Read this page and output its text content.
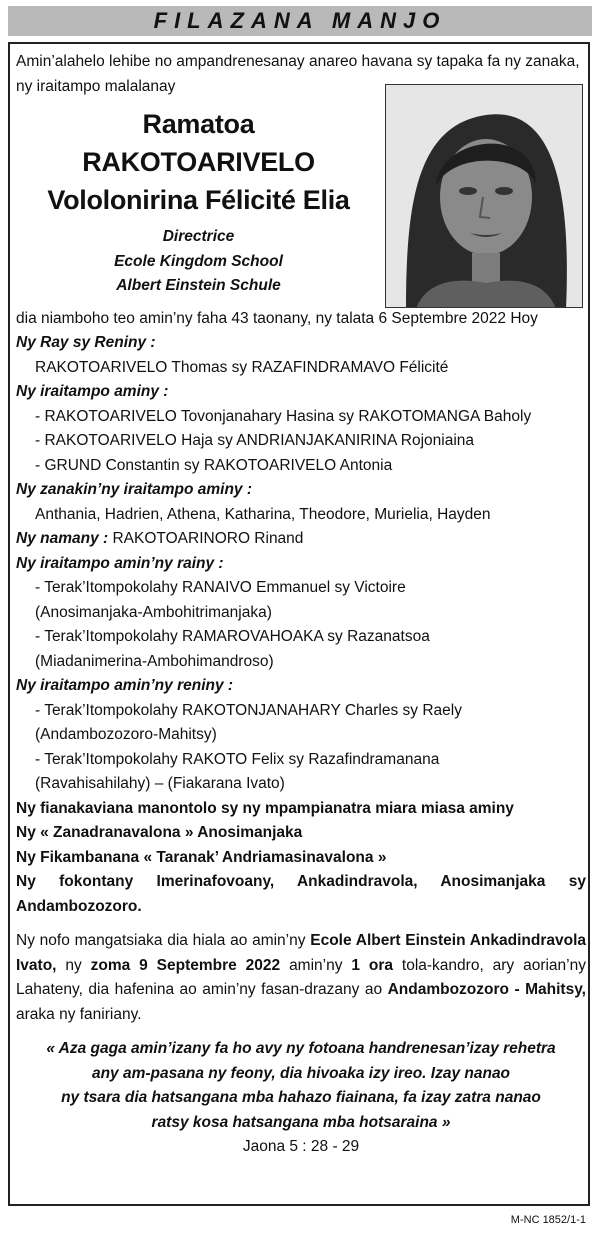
FILAZANA MANJO

Amin’alahelo lehibe no ampandrenesanay anareo havana sy tapaka fa ny zanaka, ny iraitampo malalanay

Ramatoa
RAKOTOARIVELO
Vololonirina Félicité Elia
Directrice
Ecole Kingdom School
Albert Einstein Schule

dia niamboho teo amin’ny faha 43 taonany, ny talata 6 Septembre 2022 Hoy

Ny Ray sy Reniny :
RAKOTOARIVELO Thomas sy RAZAFINDRAMAVO Félicité
Ny iraitampo aminy :
- RAKOTOARIVELO Tovonjanahary Hasina sy RAKOTOMANGA Baholy
- RAKOTOARIVELO Haja sy ANDRIANJAKANIRINA Rojoniaina
- GRUND Constantin sy RAKOTOARIVELO Antonia
Ny zanakin’ny iraitampo aminy :
Anthania, Hadrien, Athena, Katharina, Theodore, Murielia, Hayden
Ny namany : RAKOTOARINORO Rinand
Ny iraitampo amin’ny rainy :
- Terak’Itompokolahy RANAIVO Emmanuel sy Victoire
(Anosimanjaka-Ambohitrimanjaka)
- Terak’Itompokolahy RAMAROVAHOAKA sy Razanatsoa
(Miadanimerina-Ambohimandroso)
Ny iraitampo amin’ny reniny :
- Terak’Itompokolahy RAKOTONJANAHARY Charles sy Raely
(Andambozozoro-Mahitsy)
- Terak’Itompokolahy RAKOTO Felix sy Razafindramanana
(Ravahisahilahy) – (Fiakarana Ivato)
Ny fianakaviana manontolo sy ny mpampianatra miara miasa aminy
Ny « Zanadranavalona » Anosimanjaka
Ny Fikambanana « Taranak’ Andriamasinavalona »
Ny fokontany Imerinafovoany, Ankadindravola, Anosimanjaka sy Andambozozoro.

Ny nofo mangatsiaka dia hiala ao amin’ny Ecole Albert Einstein Ankadindravola Ivato, ny zoma 9 Septembre 2022 amin’ny 1 ora tola-kandro, ary aorian’ny Lahateny, dia hafenina ao amin’ny fasan-drazany ao Andambozozoro - Mahitsy, araka ny faniriany.

« Aza gaga amin’izany fa ho avy ny fotoana handrenesan’izay rehetra
any am-pasana ny feony, dia hivoaka izy ireo. Izay nanao
ny tsara dia hatsangana mba hahazo fiainana, fa izay zatra nanao
ratsy kosa hatsangana mba hotsaraina »
Jaona 5 : 28 - 29
M-NC 1852/1-1
